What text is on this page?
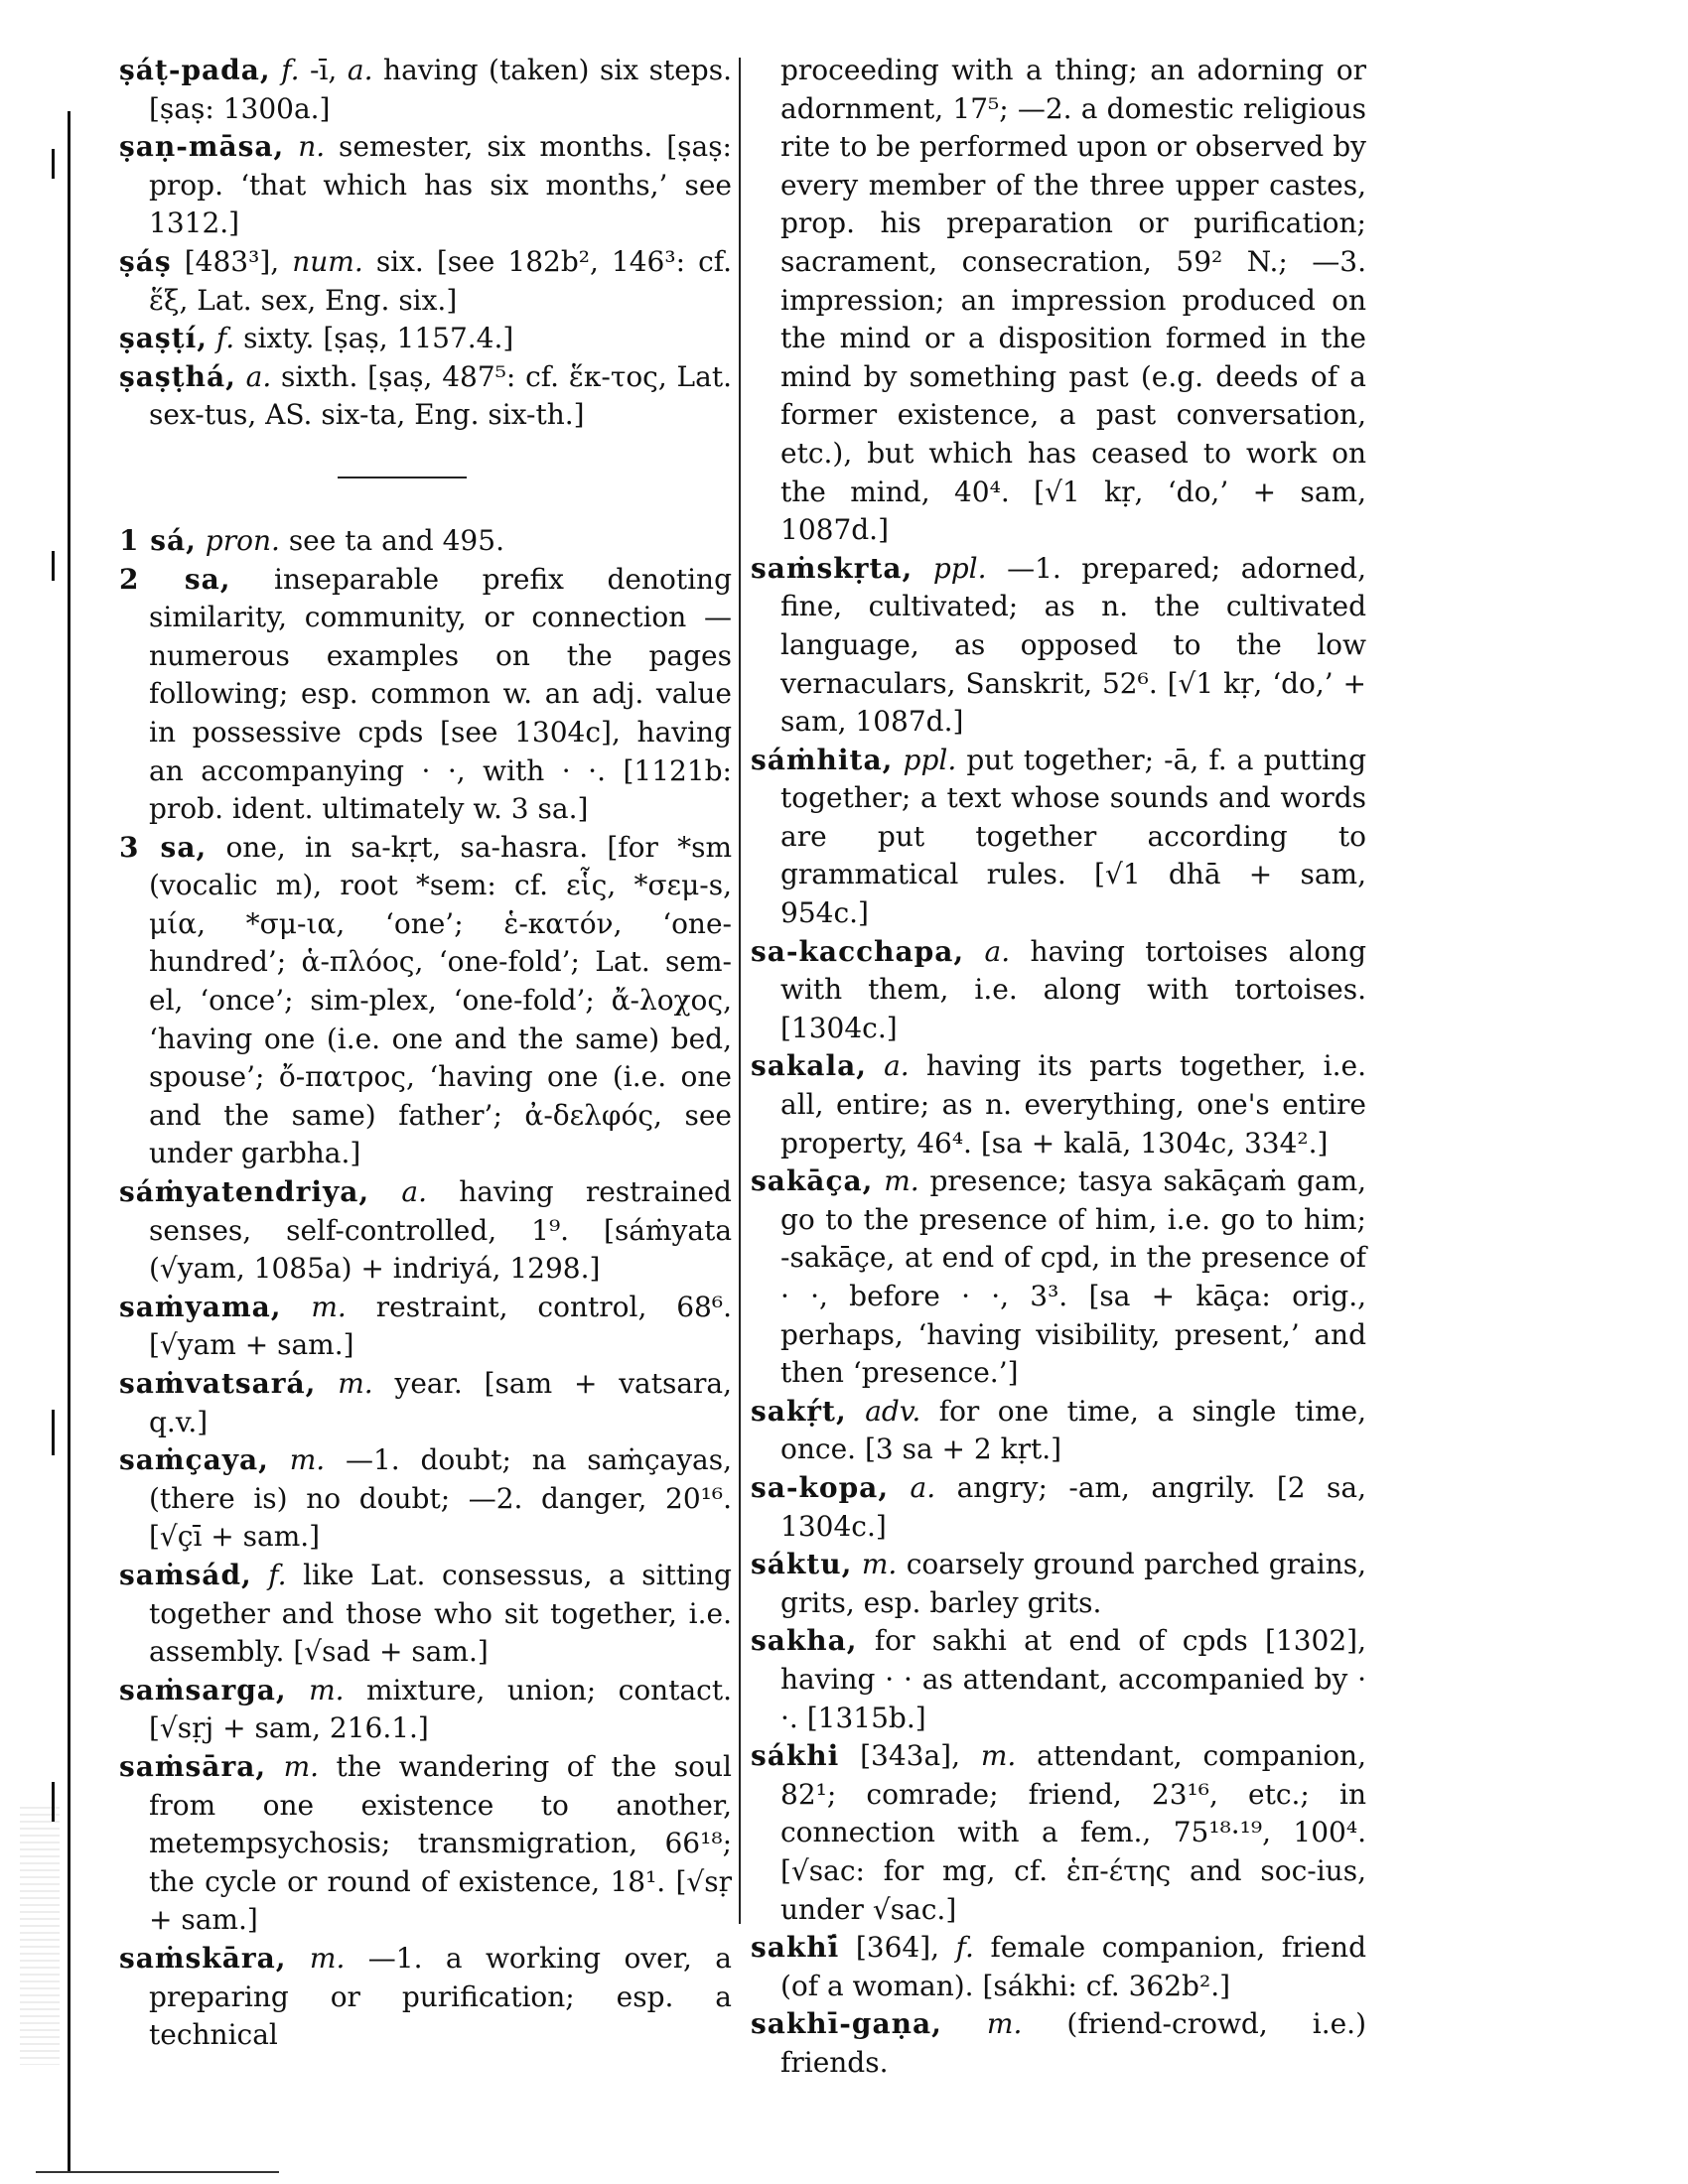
ṣáṭ-pada, f. -ī, a. having (taken) six steps. [ṣaṣ: 1300a.]

ṣaṇ-māsa, n. semester, six months. [ṣaṣ: prop. ‘that which has six months,’ see 1312.]

ṣáṣ [483³], num. six. [see 182b², 146³: cf. ἕξ, Lat. sex, Eng. six.]

ṣaṣṭí, f. sixty. [ṣaṣ, 1157.4.]

ṣaṣṭhá, a. sixth. [ṣaṣ, 487⁵: cf. ἕκ-τος, Lat. sex-tus, AS. six-ta, Eng. six-th.]

1 sá, pron. see ta and 495.

2 sa, inseparable prefix denoting similarity, community, or connection — numerous examples on the pages following; esp. common w. an adj. value in possessive cpds [see 1304c], having an accompanying · ·, with · ·. [1121b: prob. ident. ultimately w. 3 sa.]

3 sa, one, in sa-kṛt, sa-hasra. [for *sm (vocalic m), root *sem: cf. εἷς, *σεμ-s, μία, *σμ-ια, ‘one’; ἑ-κατόν, ‘one-hundred’; ἁ-πλόος, ‘one-fold’; Lat. sem-el, ‘once’; sim-plex, ‘one-fold’; ἄ-λοχος, ‘having one (i.e. one and the same) bed, spouse’; ὄ-πατρος, ‘having one (i.e. one and the same) father’; ἀ-δελφός, see under garbha.]

sáṁyatendriya, a. having restrained senses, self-controlled, 1⁹. [sáṁyata (√yam, 1085a) + indriyá, 1298.]

saṁyama, m. restraint, control, 68⁶. [√yam + sam.]

saṁvatsará, m. year. [sam + vatsara, q.v.]

saṁçaya, m. —1. doubt; na saṁçayas, (there is) no doubt; —2. danger, 20¹⁶. [√çī + sam.]

saṁsád, f. like Lat. consessus, a sitting together and those who sit together, i.e. assembly. [√sad + sam.]

saṁsarga, m. mixture, union; contact. [√sṛj + sam, 216.1.]

saṁsāra, m. the wandering of the soul from one existence to another, metempsychosis; transmigration, 66¹⁸; the cycle or round of existence, 18¹. [√sṛ + sam.]

saṁskāra, m. —1. a working over, a preparing or purification; esp. a technical

proceeding with a thing; an adorning or adornment, 17⁵; —2. a domestic religious rite to be performed upon or observed by every member of the three upper castes, prop. his preparation or purification; sacrament, consecration, 59² N.; —3. impression; an impression produced on the mind or a disposition formed in the mind by something past (e.g. deeds of a former existence, a past conversation, etc.), but which has ceased to work on the mind, 40⁴. [√1 kṛ, ‘do,’ + sam, 1087d.]

saṁskṛta, ppl. —1. prepared; adorned, fine, cultivated; as n. the cultivated language, as opposed to the low vernaculars, Sanskrit, 52⁶. [√1 kṛ, ‘do,’ + sam, 1087d.]

sáṁhita, ppl. put together; -ā, f. a putting together; a text whose sounds and words are put together according to grammatical rules. [√1 dhā + sam, 954c.]

sa-kacchapa, a. having tortoises along with them, i.e. along with tortoises. [1304c.]

sakala, a. having its parts together, i.e. all, entire; as n. everything, one's entire property, 46⁴. [sa + kalā, 1304c, 334².]

sakāça, m. presence; tasya sakāçaṁ gam, go to the presence of him, i.e. go to him; -sakāçe, at end of cpd, in the presence of · ·, before · ·, 3³. [sa + kāça: orig., perhaps, ‘having visibility, present,’ and then ‘presence.’]

sakṛ́t, adv. for one time, a single time, once. [3 sa + 2 kṛt.]

sa-kopa, a. angry; -am, angrily. [2 sa, 1304c.]

sáktu, m. coarsely ground parched grains, grits, esp. barley grits.

sakha, for sakhi at end of cpds [1302], having · · as attendant, accompanied by · ·. [1315b.]

sákhi [343a], m. attendant, companion, 82¹; comrade; friend, 23¹⁶, etc.; in connection with a fem., 75¹⁸·¹⁹, 100⁴. [√sac: for mg, cf. ἑπ-έτης and soc-ius, under √sac.]

sakhī́ [364], f. female companion, friend (of a woman). [sákhi: cf. 362b².]

sakhī-gaṇa, m. (friend-crowd, i.e.) friends.
